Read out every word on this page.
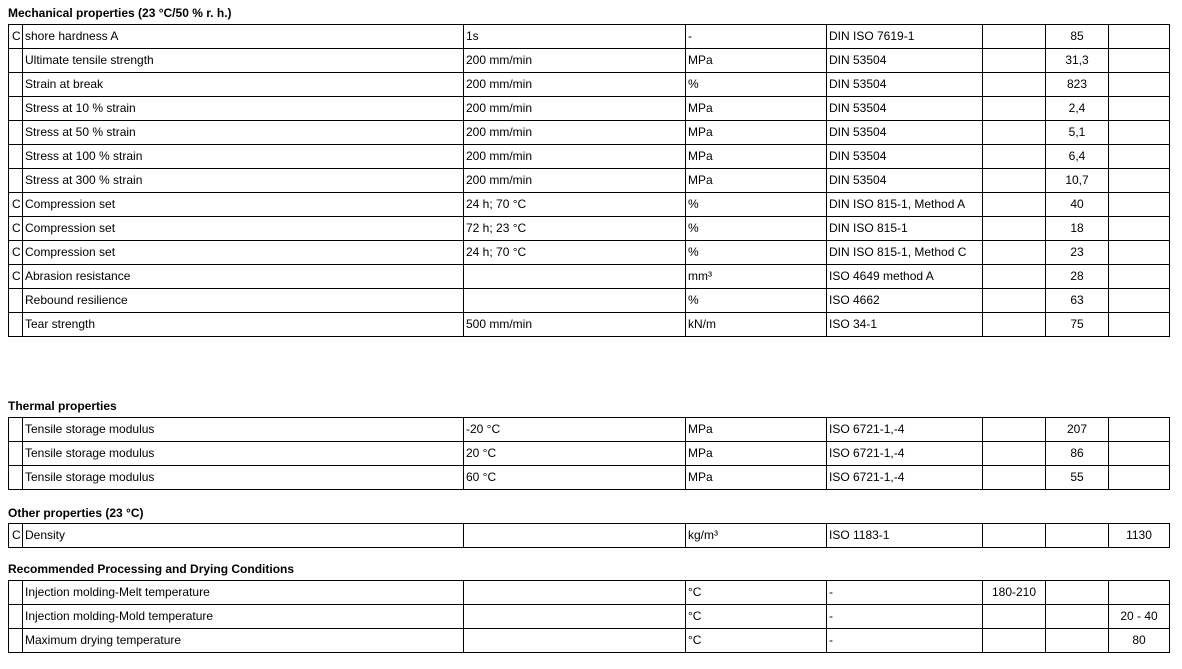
Mechanical properties (23 °C/50 % r. h.)
C	shore hardness A	1s	-	DIN ISO 7619-1		85	
	Ultimate tensile strength	200 mm/min	MPa	DIN 53504		31,3	
	Strain at break	200 mm/min	%	DIN 53504		823	
	Stress at 10 % strain	200 mm/min	MPa	DIN 53504		2,4	
	Stress at 50 % strain	200 mm/min	MPa	DIN 53504		5,1	
	Stress at 100 % strain	200 mm/min	MPa	DIN 53504		6,4	
	Stress at 300 % strain	200 mm/min	MPa	DIN 53504		10,7	
C	Compression set	24 h; 70 °C	%	DIN ISO 815-1, Method A		40	
C	Compression set	72 h; 23 °C	%	DIN ISO 815-1		18	
C	Compression set	24 h; 70 °C	%	DIN ISO 815-1, Method C		23	
C	Abrasion resistance		mm³	ISO 4649 method A		28	
	Rebound resilience		%	ISO 4662		63	
	Tear strength	500 mm/min	kN/m	ISO 34-1		75	
Thermal properties
	Tensile storage modulus	-20 °C	MPa	ISO 6721-1,-4		207	
	Tensile storage modulus	20 °C	MPa	ISO 6721-1,-4		86	
	Tensile storage modulus	60 °C	MPa	ISO 6721-1,-4		55	
Other properties (23 °C)
C	Density		kg/m³	ISO 1183-1			1130
Recommended Processing and Drying Conditions
	Injection molding-Melt temperature		°C	-	180-210		
	Injection molding-Mold temperature		°C	-			20 - 40
	Maximum drying temperature		°C	-			80
